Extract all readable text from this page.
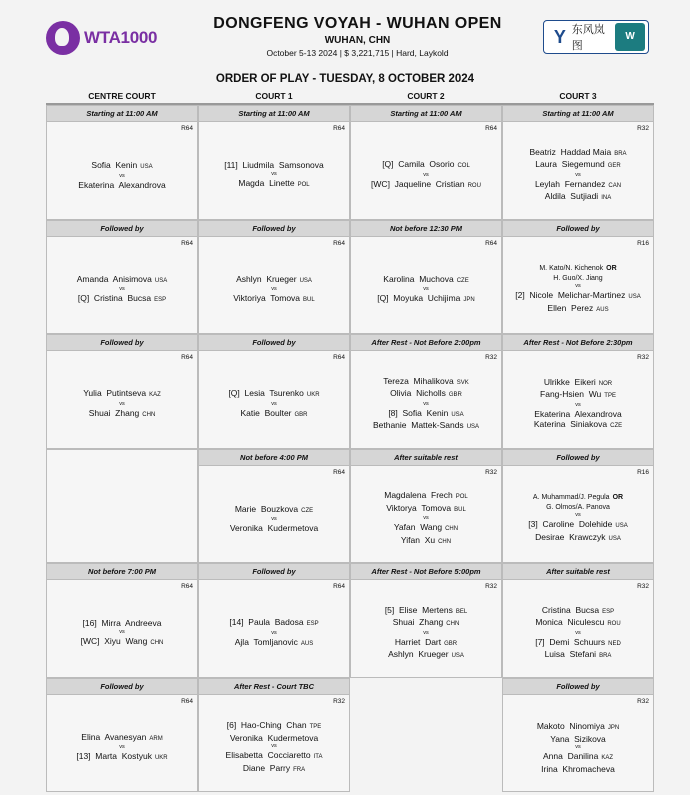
WTA1000
DONGFENG VOYAH - WUHAN OPEN
WUHAN, CHN
October 5-13 2024 | $ 3,221,715 | Hard, Laykold
Y 东风岚图
W
ORDER OF PLAY - TUESDAY, 8 OCTOBER 2024
CENTRE COURT	COURT 1	COURT 2	COURT 3
Starting at 11:00 AM
R64
Sofia  Kenin USA
vs
Ekaterina  Alexandrova
Starting at 11:00 AM
R64
[11]  Liudmila  Samsonova
vs
Magda  Linette POL
Starting at 11:00 AM
R64
[Q]  Camila  Osorio COL
vs
[WC]  Jaqueline  Cristian ROU
Starting at 11:00 AM
R32
Beatriz  Haddad Maia BRA
Laura  Siegemund GER
vs
Leylah  Fernandez CAN
Aldila  Sutjiadi INA
Followed by
R64
Amanda  Anisimova USA
vs
[Q]  Cristina  Bucsa ESP
Followed by
R64
Ashlyn  Krueger USA
vs
Viktoriya  Tomova BUL
Not before 12:30 PM
R64
Karolina  Muchova CZE
vs
[Q]  Moyuka  Uchijima JPN
Followed by
R16
M. Kato/N. Kichenok OR
H. Guo/X. Jiang
vs
[2]  Nicole  Melichar-Martinez USA
Ellen  Perez AUS
Followed by
R64
Yulia  Putintseva KAZ
vs
Shuai  Zhang CHN
Followed by
R64
[Q]  Lesia  Tsurenko UKR
vs
Katie  Boulter GBR
After Rest - Not Before 2:00pm
R32
Tereza  Mihalikova SVK
Olivia  Nicholls GBR
vs
[8]  Sofia  Kenin USA
Bethanie  Mattek-Sands USA
After Rest - Not Before 2:30pm
R32
Ulrikke  Eikeri NOR
Fang-Hsien  Wu TPE
vs
Ekaterina  Alexandrova
Katerina  Siniakova CZE
Not before 4:00 PM
R64
Marie  Bouzkova CZE
vs
Veronika  Kudermetova
After suitable rest
R32
Magdalena  Frech POL
Viktorya  Tomova BUL
vs
Yafan  Wang CHN
Yifan  Xu CHN
Followed by
R16
A. Muhammad/J. Pegula OR
G. Olmos/A. Panova
vs
[3]  Caroline  Dolehide USA
Desirae  Krawczyk USA
Not before 7:00 PM
R64
[16]  Mirra  Andreeva
vs
[WC]  Xiyu  Wang CHN
Followed by
R64
[14]  Paula  Badosa ESP
vs
Ajla  Tomljanovic AUS
After Rest - Not Before 5:00pm
R32
[5]  Elise  Mertens BEL
Shuai  Zhang CHN
vs
Harriet  Dart GBR
Ashlyn  Krueger USA
After suitable rest
R32
Cristina  Bucsa ESP
Monica  Niculescu ROU
vs
[7]  Demi  Schuurs NED
Luisa  Stefani BRA
Followed by
R64
Elina  Avanesyan ARM
vs
[13]  Marta  Kostyuk UKR
After Rest - Court TBC
R32
[6]  Hao-Ching  Chan TPE
Veronika  Kudermetova
vs
Elisabetta  Cocciaretto ITA
Diane  Parry FRA
Followed by
R32
Makoto  Ninomiya JPN
Yana  Sizikova
vs
Anna  Danilina KAZ
Irina  Khromacheva
